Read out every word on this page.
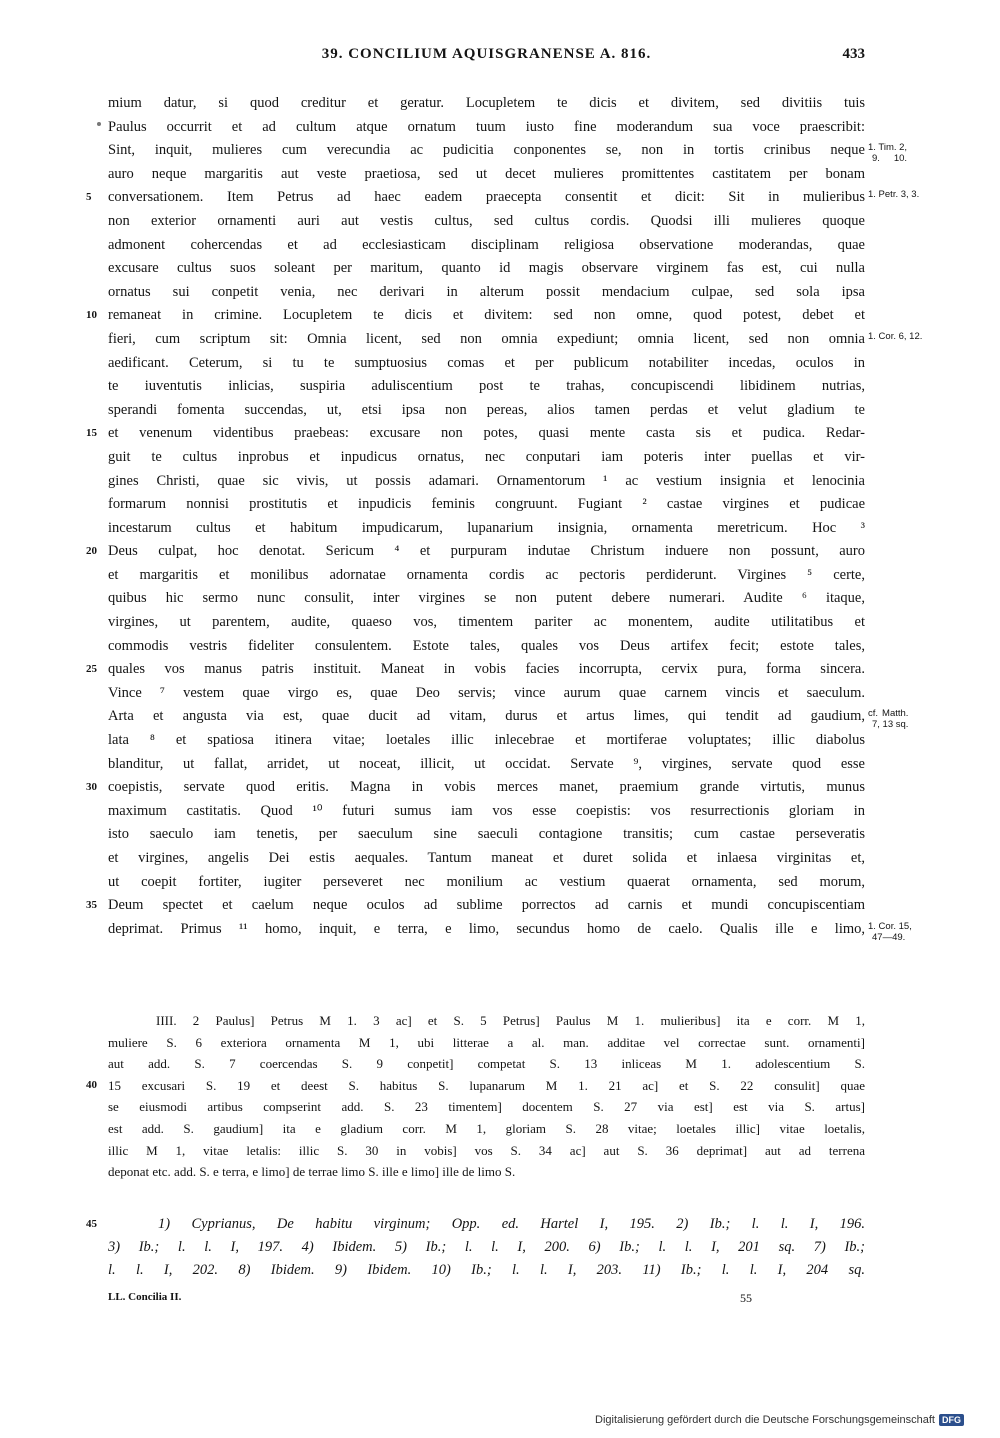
39. CONCILIUM AQUISGRANENSE A. 816.	433
mium datur, si quod creditur et geratur. Locupletem te dicis et divitem, sed divitiis tuis
Paulus occurrit et ad cultum atque ornatum tuum iusto fine moderandum sua voce praescribit:
Sint, inquit, mulieres cum verecundia ac pudicitia conponentes se, non in tortis crinibus neque 1. Tim. 2,
9. 10.
auro neque margaritis aut veste praetiosa, sed ut decet mulieres promittentes castitatem per bonam
5	conversationem. Item Petrus ad haec eadem praecepta consentit et dicit: Sit in mulieribus 1. Petr. 3, 3.
non exterior ornamenti auri aut vestis cultus, sed cultus cordis. Quodsi illi mulieres quoque
admonent cohercendas et ad ecclesiasticam disciplinam religiosa observatione moderandas, quae
excusare cultus suos soleant per maritum, quanto id magis observare virginem fas est, cui nulla
ornatus sui conpetit venia, nec derivari in alterum possit mendacium culpae, sed sola ipsa
10 remaneat in crimine. Locupletem te dicis et divitem: sed non omne, quod potest, debet et
fieri, cum scriptum sit: Omnia licent, sed non omnia expediunt; omnia licent, sed non omnia 1. Cor. 6, 12.
aedificant. Ceterum, si tu te sumptuosius comas et per publicum notabiliter incedas, oculos in
te iuventutis inlicias, suspiria aduliscentium post te trahas, concupiscendi libidinem nutrias,
sperandi fomenta succendas, ut, etsi ipsa non pereas, alios tamen perdas et velut gladium te
15 et venenum videntibus praebeas: excusare non potes, quasi mente casta sis et pudica. Redar-
guit te cultus inprobus et inpudicus ornatus, nec conputari iam poteris inter puellas et vir-
gines Christi, quae sic vivis, ut possis adamari. Ornamentorum ¹ ac vestium insignia et lenocinia
formarum nonnisi prostitutis et inpudicis feminis congruunt. Fugiant ² castae virgines et pudicae
incestarum cultus et habitum impudicarum, lupanarium insignia, ornamenta meretricum. Hoc ³
20 Deus culpat, hoc denotat. Sericum ⁴ et purpuram indutae Christum induere non possunt, auro
et margaritis et monilibus adornatae ornamenta cordis ac pectoris perdiderunt. Virgines ⁵ certe,
quibus hic sermo nunc consulit, inter virgines se non putent debere numerari. Audite ⁶ itaque,
virgines, ut parentem, audite, quaeso vos, timentem pariter ac monentem, audite utilitatibus et
commodis vestris fideliter consulentem. Estote tales, quales vos Deus artifex fecit; estote tales,
25 quales vos manus patris instituit. Maneat in vobis facies incorrupta, cervix pura, forma sincera.
Vince ⁷ vestem quae virgo es, quae Deo servis; vince aurum quae carnem vincis et saeculum.
Arta et angusta via est, quae ducit ad vitam, durus et artus limes, qui tendit ad gaudium, cf. Matth.
7, 13 sq.
lata ⁸ et spatiosa itinera vitae; loetales illic inlecebrae et mortiferae voluptates; illic diabolus
blanditur, ut fallat, arridet, ut noceat, illicit, ut occidat. Servate ⁹, virgines, servate quod esse
30 coepistis, servate quod eritis. Magna in vobis merces manet, praemium grande virtutis, munus
maximum castitatis. Quod ¹⁰ futuri sumus iam vos esse coepistis: vos resurrectionis gloriam in
isto saeculo iam tenetis, per saeculum sine saeculi contagione transitis; cum castae perseveratis
et virgines, angelis Dei estis aequales. Tantum maneat et duret solida et inlaesa virginitas et,
ut coepit fortiter, iugiter perseveret nec monilium ac vestium quaerat ornamenta, sed morum,
35 Deum spectet et caelum neque oculos ad sublime porrectos ad carnis et mundi concupiscentiam
deprimat. Primus ¹¹ homo, inquit, e terra, e limo, secundus homo de caelo. Qualis ille e limo, 1. Cor. 15,
47—49.
IIII. 2 Paulus] Petrus M 1. 3 ac] et S. 5 Petrus] Paulus M 1. mulieribus] ita e corr. M 1,
muliere S. 6 exteriora ornamenta M 1, ubi litterae a al. man. additae vel correctae sunt. ornamenti]
aut add. S. 7 coercendas S. 9 conpetit] competat S. 13 inliceas M 1. adolescentium S.
40 15 excusari S. 19 et deest S. habitus S. lupanarum M 1. 21 ac] et S. 22 consulit] quae
se eiusmodi artibus compserint add. S. 23 timentem] docentem S. 27 via est] est via S. artus]
est add. S. gaudium] ita e gladium corr. M 1, gloriam S. 28 vitae; loetales illic] vitae loetalis,
illic M 1, vitae letalis: illic S. 30 in vobis] vos S. 34 ac] aut S. 36 deprimat] aut ad terrena
deponat etc. add. S. e terra, e limo] de terrae limo S. ille e limo] ille de limo S.
45	1) Cyprianus, De habitu virginum; Opp. ed. Hartel I, 195. 2) Ib.; l. l. I, 196.
3) Ib.; l. l. I, 197. 4) Ibidem. 5) Ib.; l. l. I, 200. 6) Ib.; l. l. I, 201 sq. 7) Ib.;
l. l. I, 202. 8) Ibidem. 9) Ibidem. 10) Ib.; l. l. I, 203. 11) Ib.; l. l. I, 204 sq.
LL. Concilia II.	55
Digitalisierung gefördert durch die Deutsche Forschungsgemeinschaft DFG
